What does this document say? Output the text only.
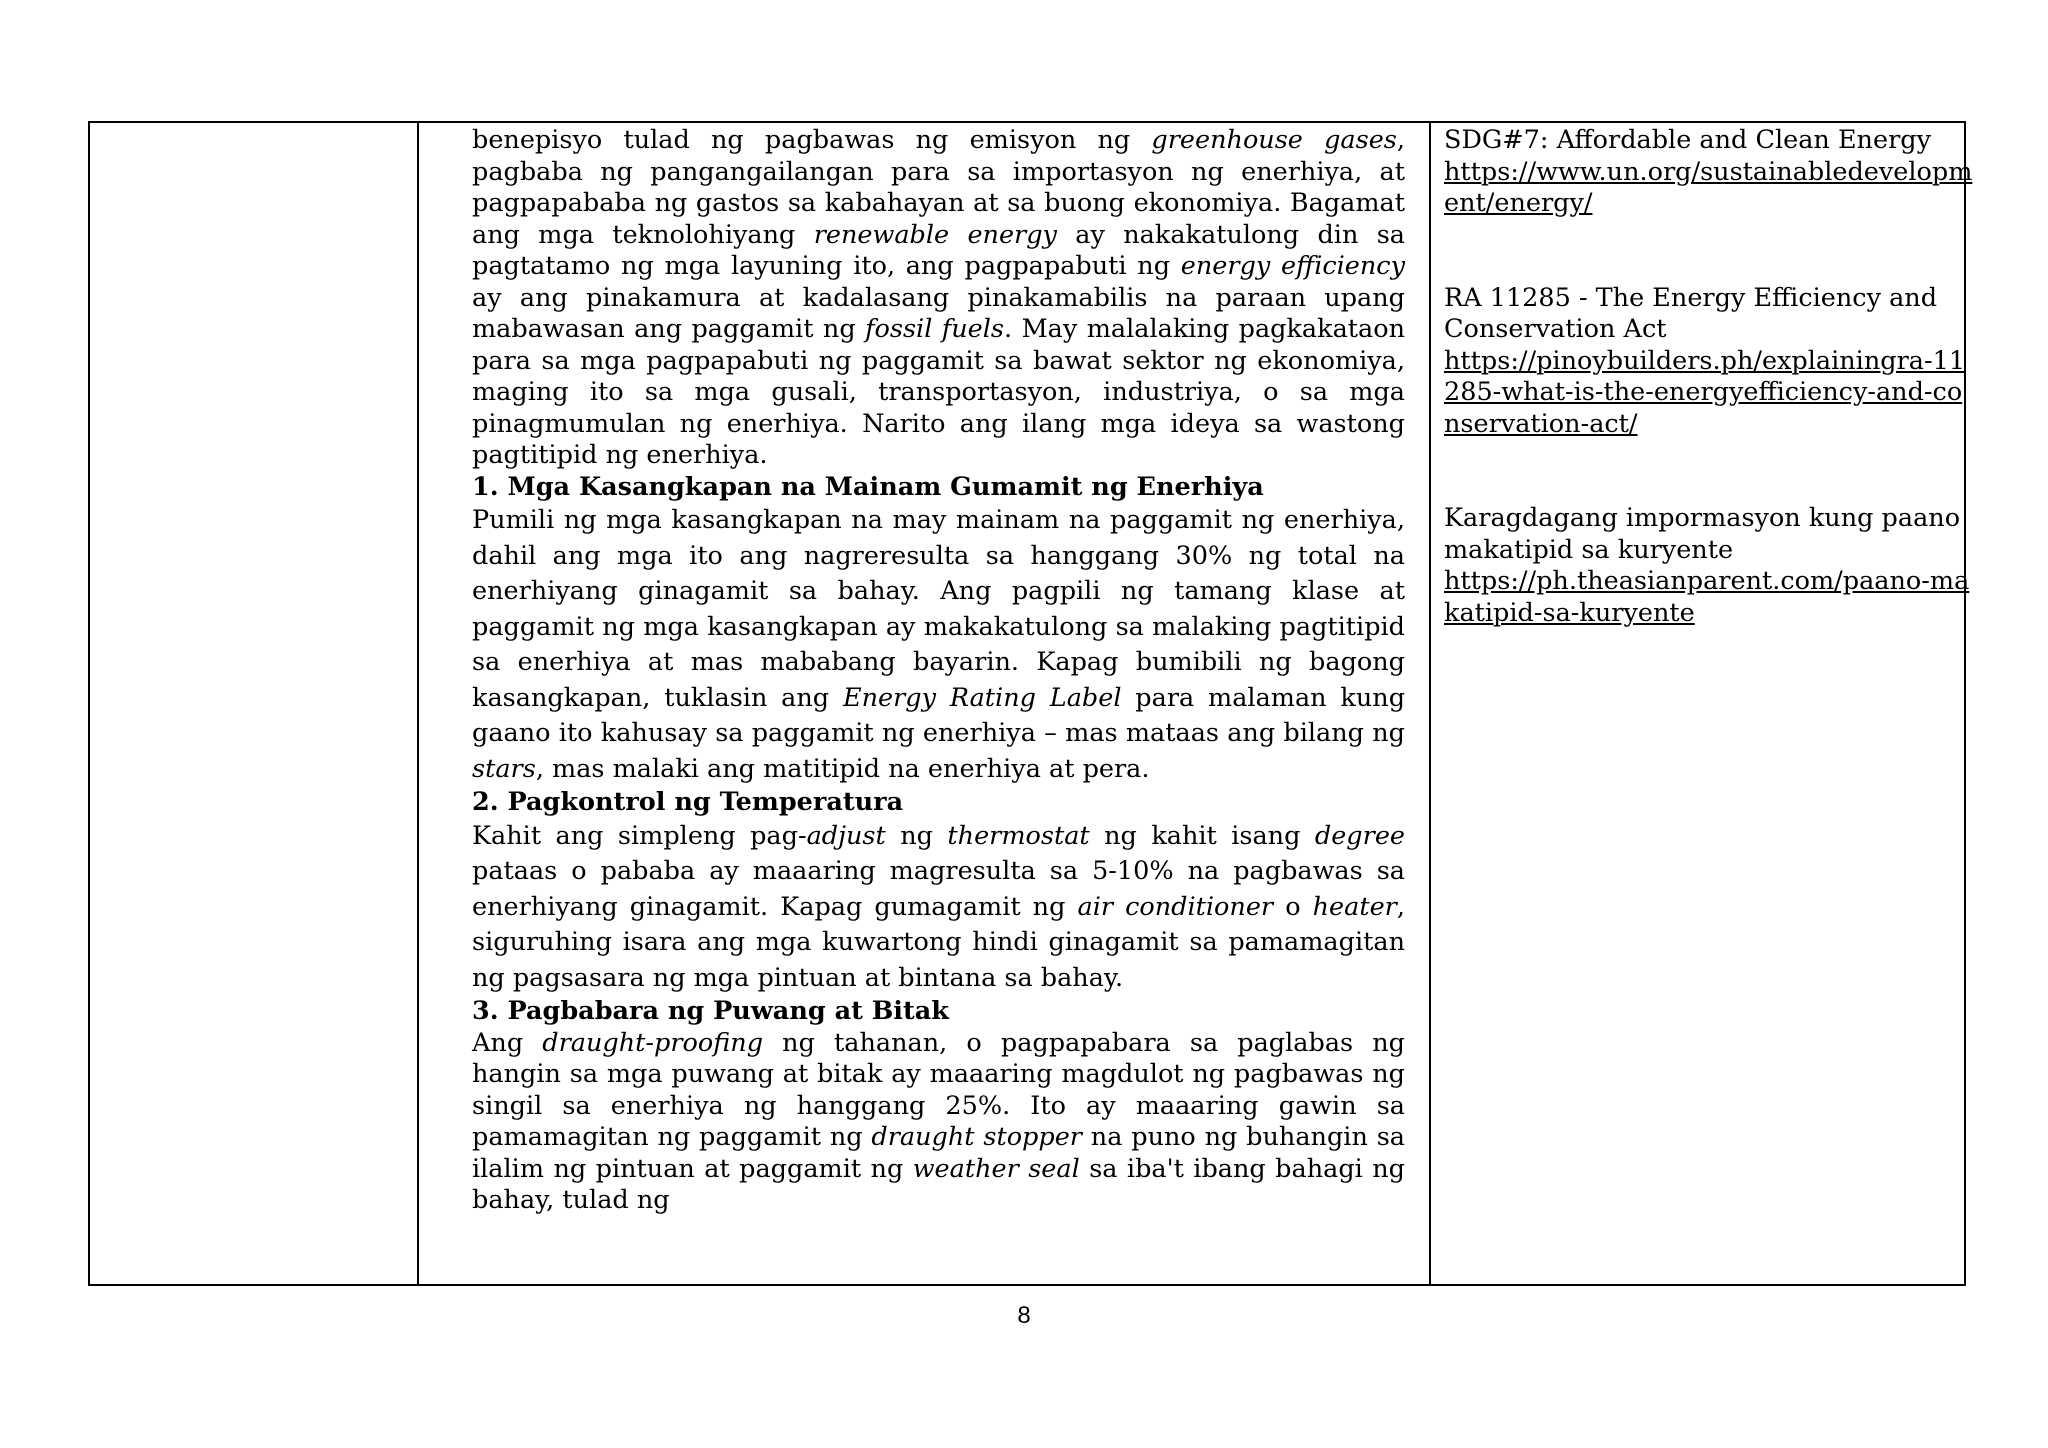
benepisyo tulad ng pagbawas ng emisyon ng greenhouse gases, pagbaba ng pangangailangan para sa importasyon ng enerhiya, at pagpapababa ng gastos sa kabahayan at sa buong ekonomiya. Bagamat ang mga teknolohiyang renewable energy ay nakakatulong din sa pagtatamo ng mga layuning ito, ang pagpapabuti ng energy efficiency ay ang pinakamura at kadalasang pinakamabilis na paraan upang mabawasan ang paggamit ng fossil fuels. May malalaking pagkakataon para sa mga pagpapabuti ng paggamit sa bawat sektor ng ekonomiya, maging ito sa mga gusali, transportasyon, industriya, o sa mga pinagmumulan ng enerhiya. Narito ang ilang mga ideya sa wastong pagtitipid ng enerhiya.

1. Mga Kasangkapan na Mainam Gumamit ng Enerhiya

Pumili ng mga kasangkapan na may mainam na paggamit ng enerhiya, dahil ang mga ito ang nagreresulta sa hanggang 30% ng total na enerhiyang ginagamit sa bahay. Ang pagpili ng tamang klase at paggamit ng mga kasangkapan ay makakatulong sa malaking pagtitipid sa enerhiya at mas mababang bayarin. Kapag bumibili ng bagong kasangkapan, tuklasin ang Energy Rating Label para malaman kung gaano ito kahusay sa paggamit ng enerhiya – mas mataas ang bilang ng stars, mas malaki ang matitipid na enerhiya at pera.

2. Pagkontrol ng Temperatura

Kahit ang simpleng pag-adjust ng thermostat ng kahit isang degree pataas o pababa ay maaaring magresulta sa 5-10% na pagbawas sa enerhiyang ginagamit. Kapag gumagamit ng air conditioner o heater, siguruhing isara ang mga kuwartong hindi ginagamit sa pamamagitan ng pagsasara ng mga pintuan at bintana sa bahay.

3. Pagbabara ng Puwang at Bitak

Ang draught-proofing ng tahanan, o pagpapabara sa paglabas ng hangin sa mga puwang at bitak ay maaaring magdulot ng pagbawas ng singil sa enerhiya ng hanggang 25%. Ito ay maaaring gawin sa pamamagitan ng paggamit ng draught stopper na puno ng buhangin sa ilalim ng pintuan at paggamit ng weather seal sa iba't ibang bahagi ng bahay, tulad ng

SDG#7: Affordable and Clean Energy

https://www.un.org/sustainabledevelopment/energy/

RA 11285 - The Energy Efficiency and Conservation Act

https://pinoybuilders.ph/explainingra-11285-what-is-the-energyefficiency-and-conservation-act/

Karagdagang impormasyon kung paano makatipid sa kuryente

https://ph.theasianparent.com/paano-makatipid-sa-kuryente

8
